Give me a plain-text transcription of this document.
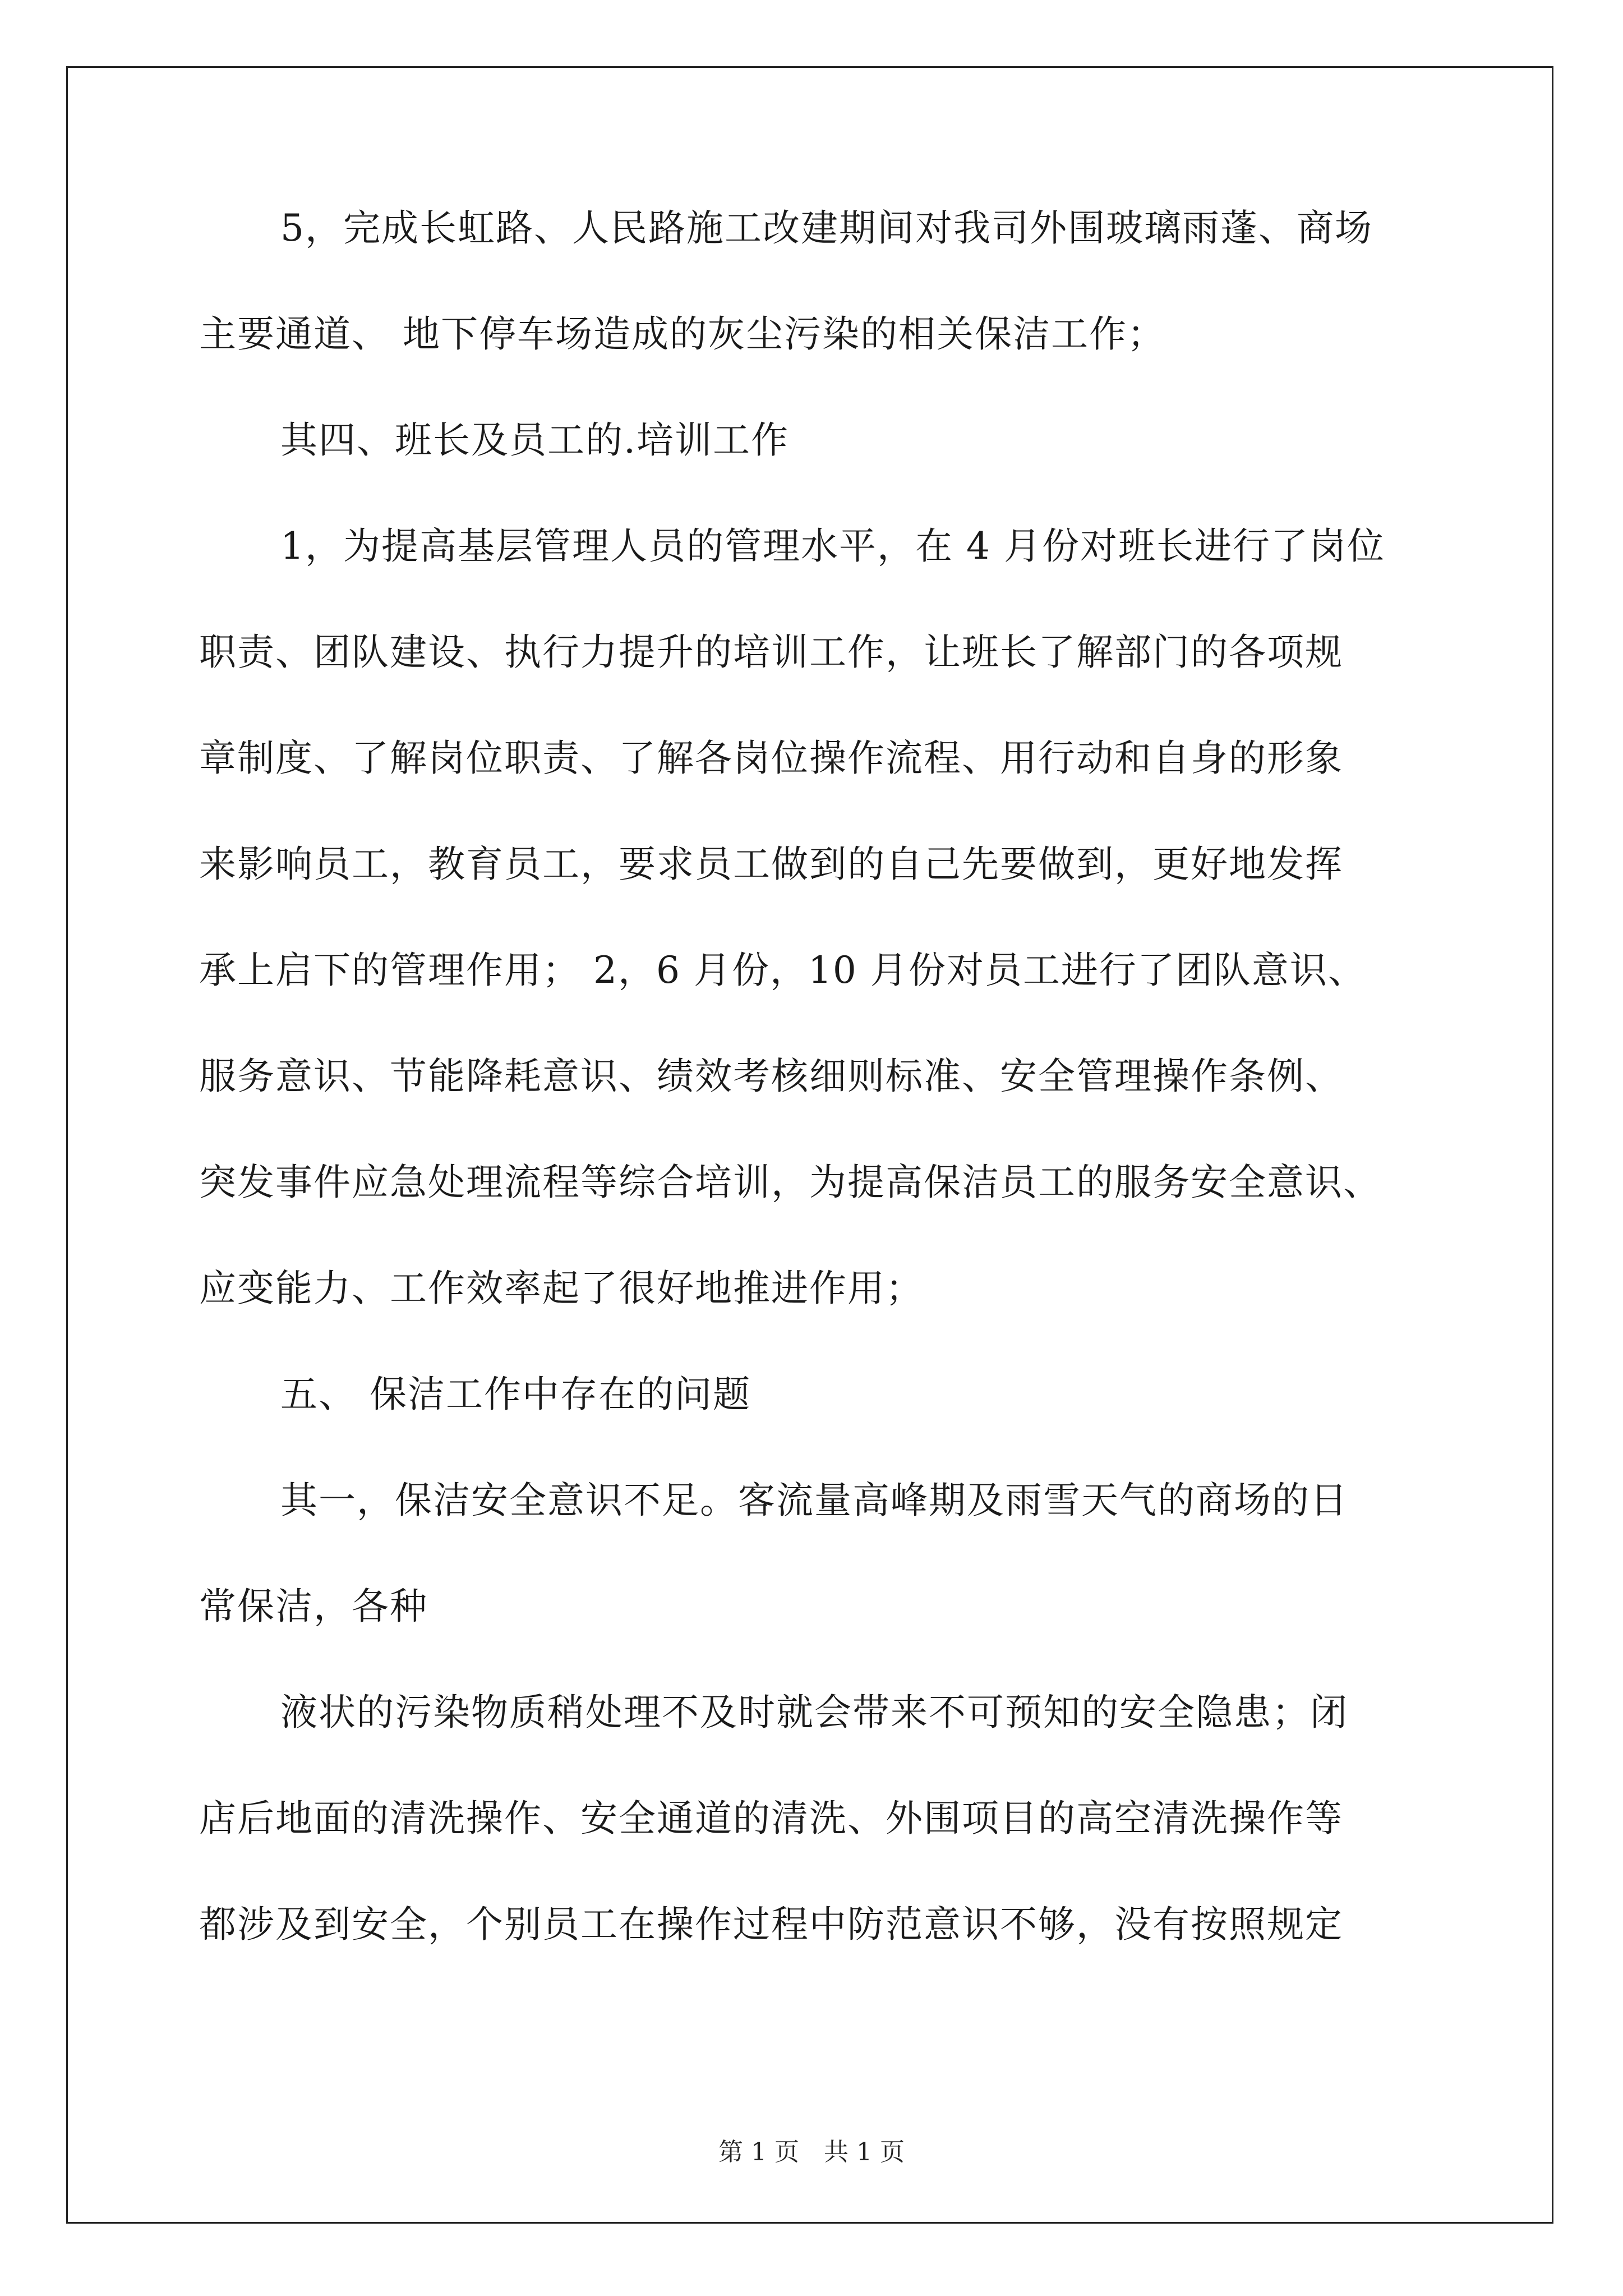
5，完成长虹路、人民路施工改建期间对我司外围玻璃雨蓬、商场
主要通道、 地下停车场造成的灰尘污染的相关保洁工作；
其四、班长及员工的.培训工作
1，为提高基层管理人员的管理水平，在 4 月份对班长进行了岗位
职责、团队建设、执行力提升的培训工作，让班长了解部门的各项规
章制度、了解岗位职责、了解各岗位操作流程、用行动和自身的形象
来影响员工，教育员工，要求员工做到的自己先要做到，更好地发挥
承上启下的管理作用； 2，6 月份，10 月份对员工进行了团队意识、
服务意识、节能降耗意识、绩效考核细则标准、安全管理操作条例、
突发事件应急处理流程等综合培训，为提高保洁员工的服务安全意识、
应变能力、工作效率起了很好地推进作用；
五、 保洁工作中存在的问题
其一，保洁安全意识不足。客流量高峰期及雨雪天气的商场的日
常保洁，各种
液状的污染物质稍处理不及时就会带来不可预知的安全隐患；闭
店后地面的清洗操作、安全通道的清洗、外围项目的高空清洗操作等
都涉及到安全，个别员工在操作过程中防范意识不够，没有按照规定
第 1 页　共 1 页
